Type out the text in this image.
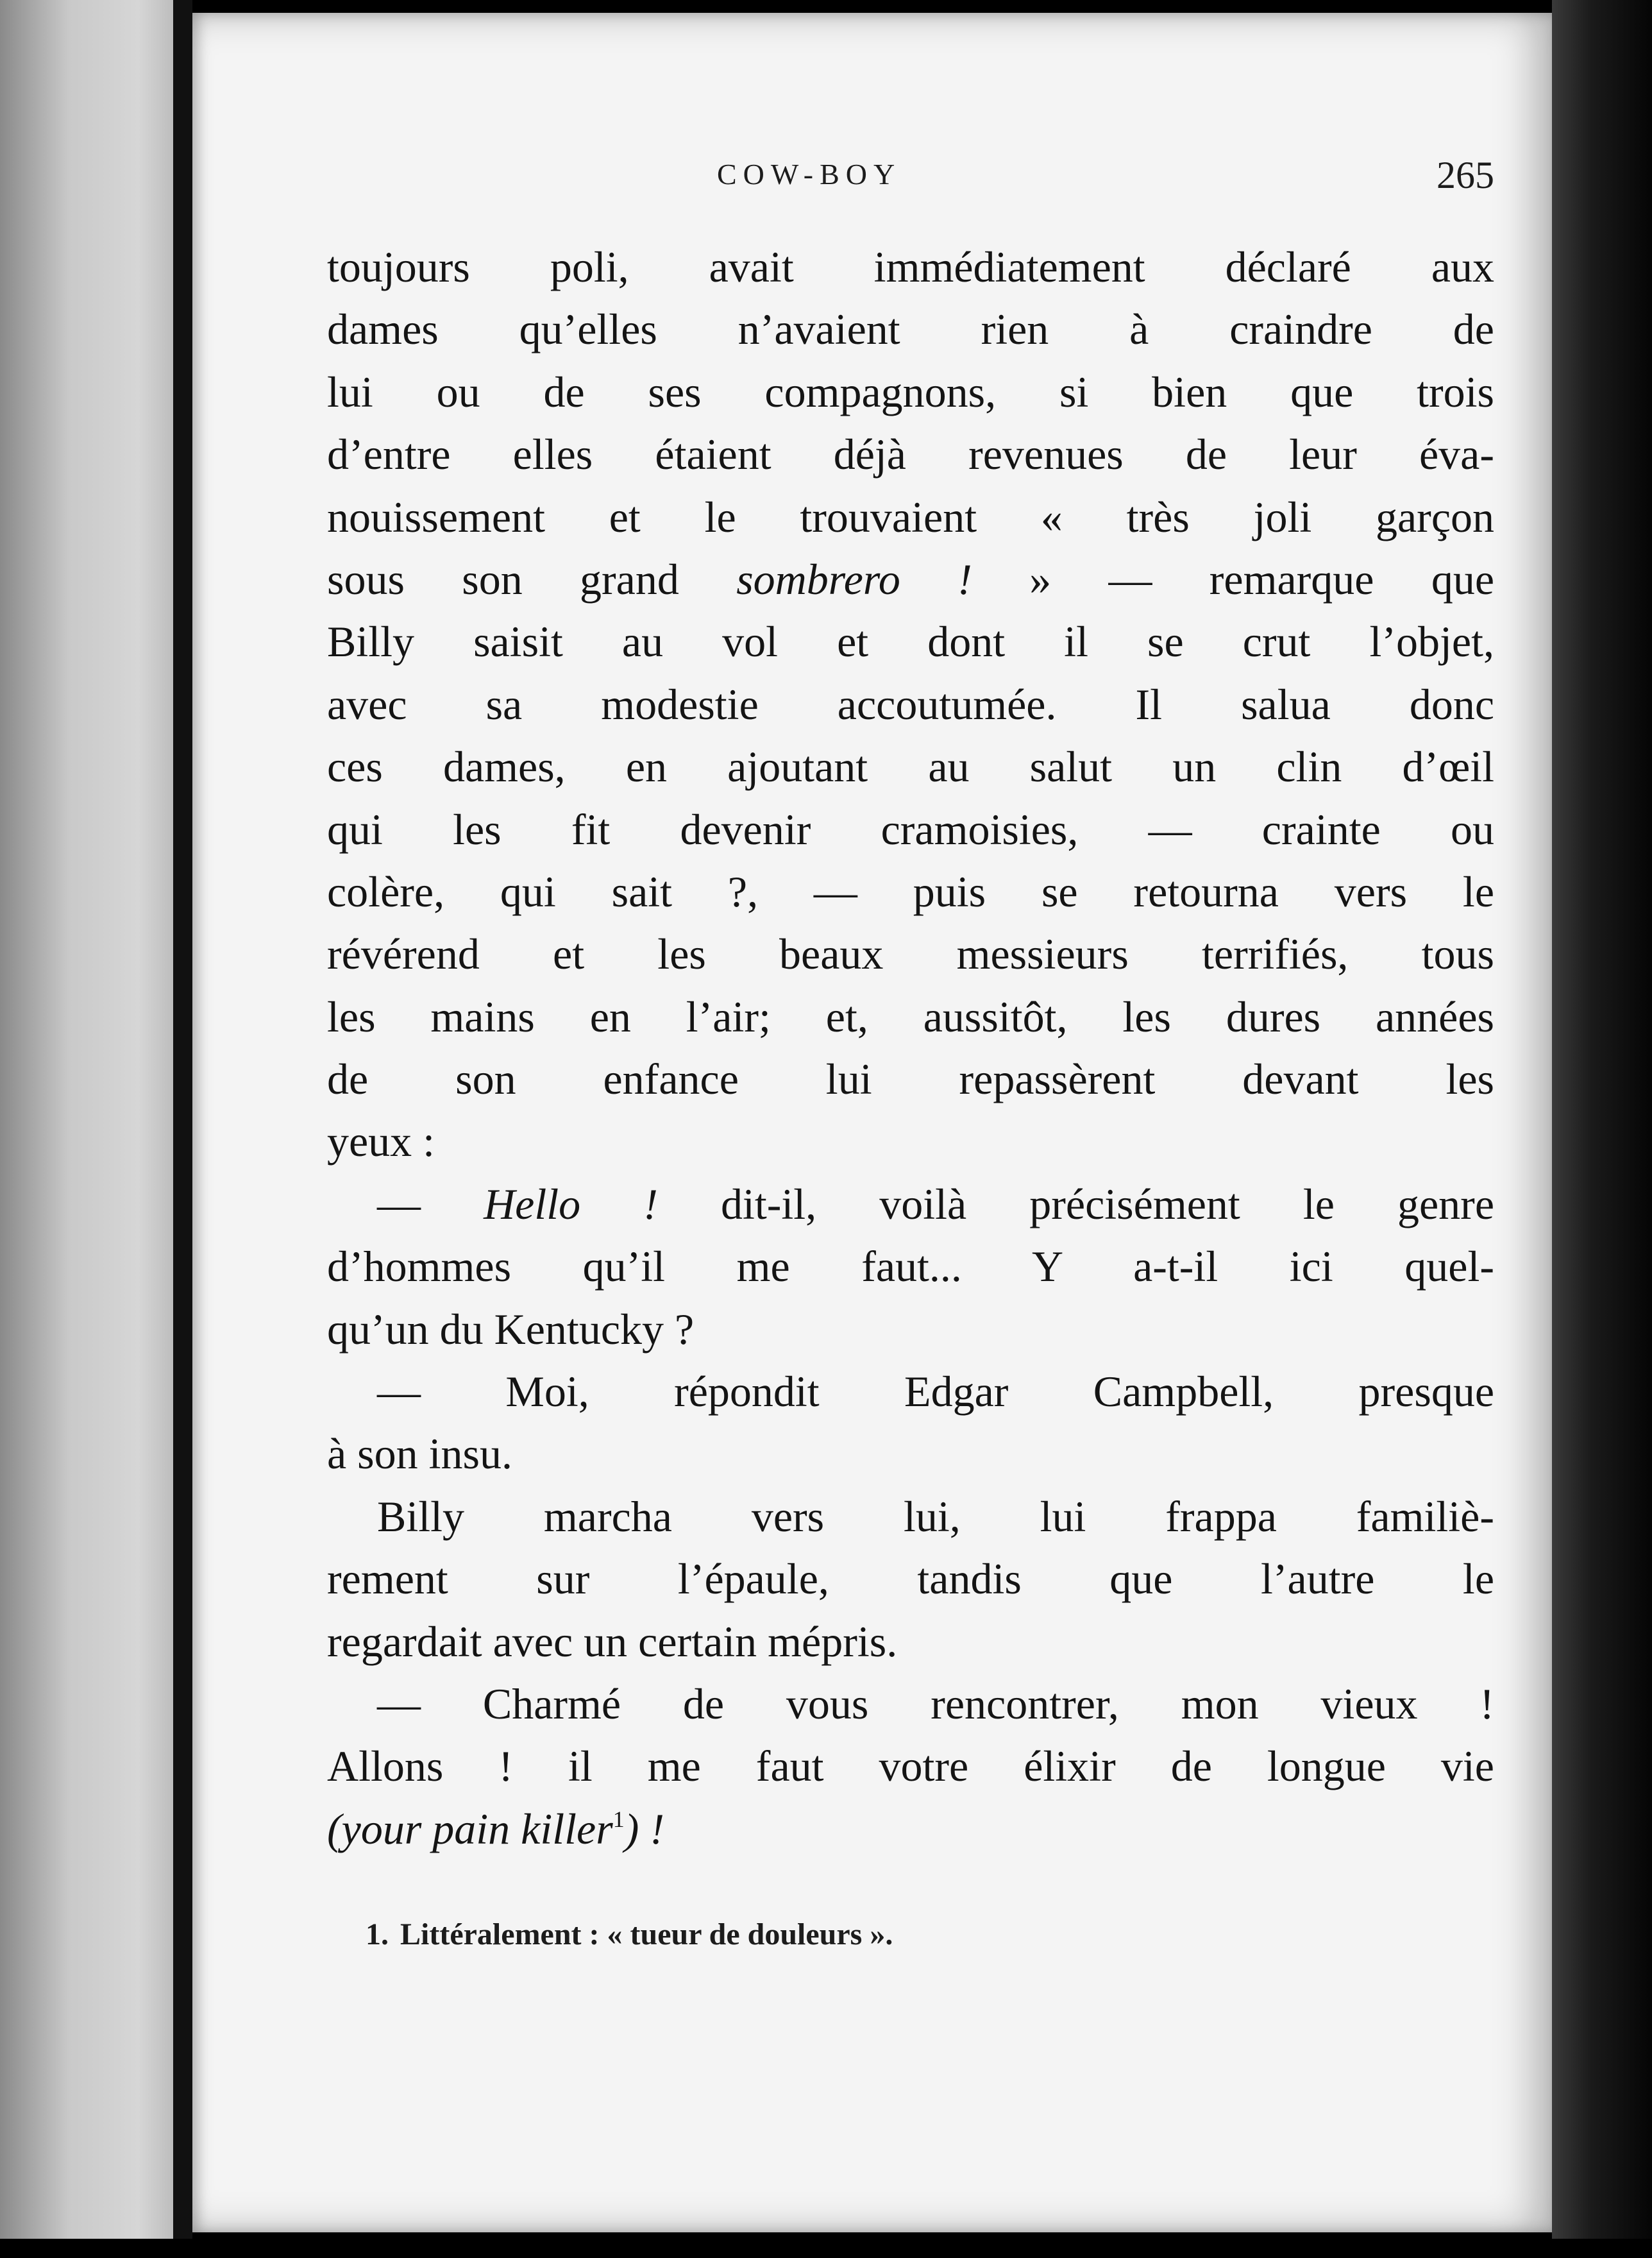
COW-BOY	265
toujours poli, avait immédiatement déclaré aux
dames qu’elles n’avaient rien à craindre de
lui ou de ses compagnons, si bien que trois
d’entre elles étaient déjà revenues de leur éva-
nouissement et le trouvaient « très joli garçon
sous son grand sombrero ! » — remarque que
Billy saisit au vol et dont il se crut l’objet,
avec sa modestie accoutumée. Il salua donc
ces dames, en ajoutant au salut un clin d’œil
qui les fit devenir cramoisies, — crainte ou
colère, qui sait ?, — puis se retourna vers le
révérend et les beaux messieurs terrifiés, tous
les mains en l’air; et, aussitôt, les dures années
de son enfance lui repassèrent devant les
yeux :
— Hello ! dit-il, voilà précisément le genre
d’hommes qu’il me faut... Y a-t-il ici quel-
qu’un du Kentucky ?
— Moi, répondit Edgar Campbell, presque
à son insu.
Billy marcha vers lui, lui frappa familiè-
rement sur l’épaule, tandis que l’autre le
regardait avec un certain mépris.
— Charmé de vous rencontrer, mon vieux !
Allons ! il me faut votre élixir de longue vie
(your pain killer$^1$) !
1. Littéralement : « tueur de douleurs ».
